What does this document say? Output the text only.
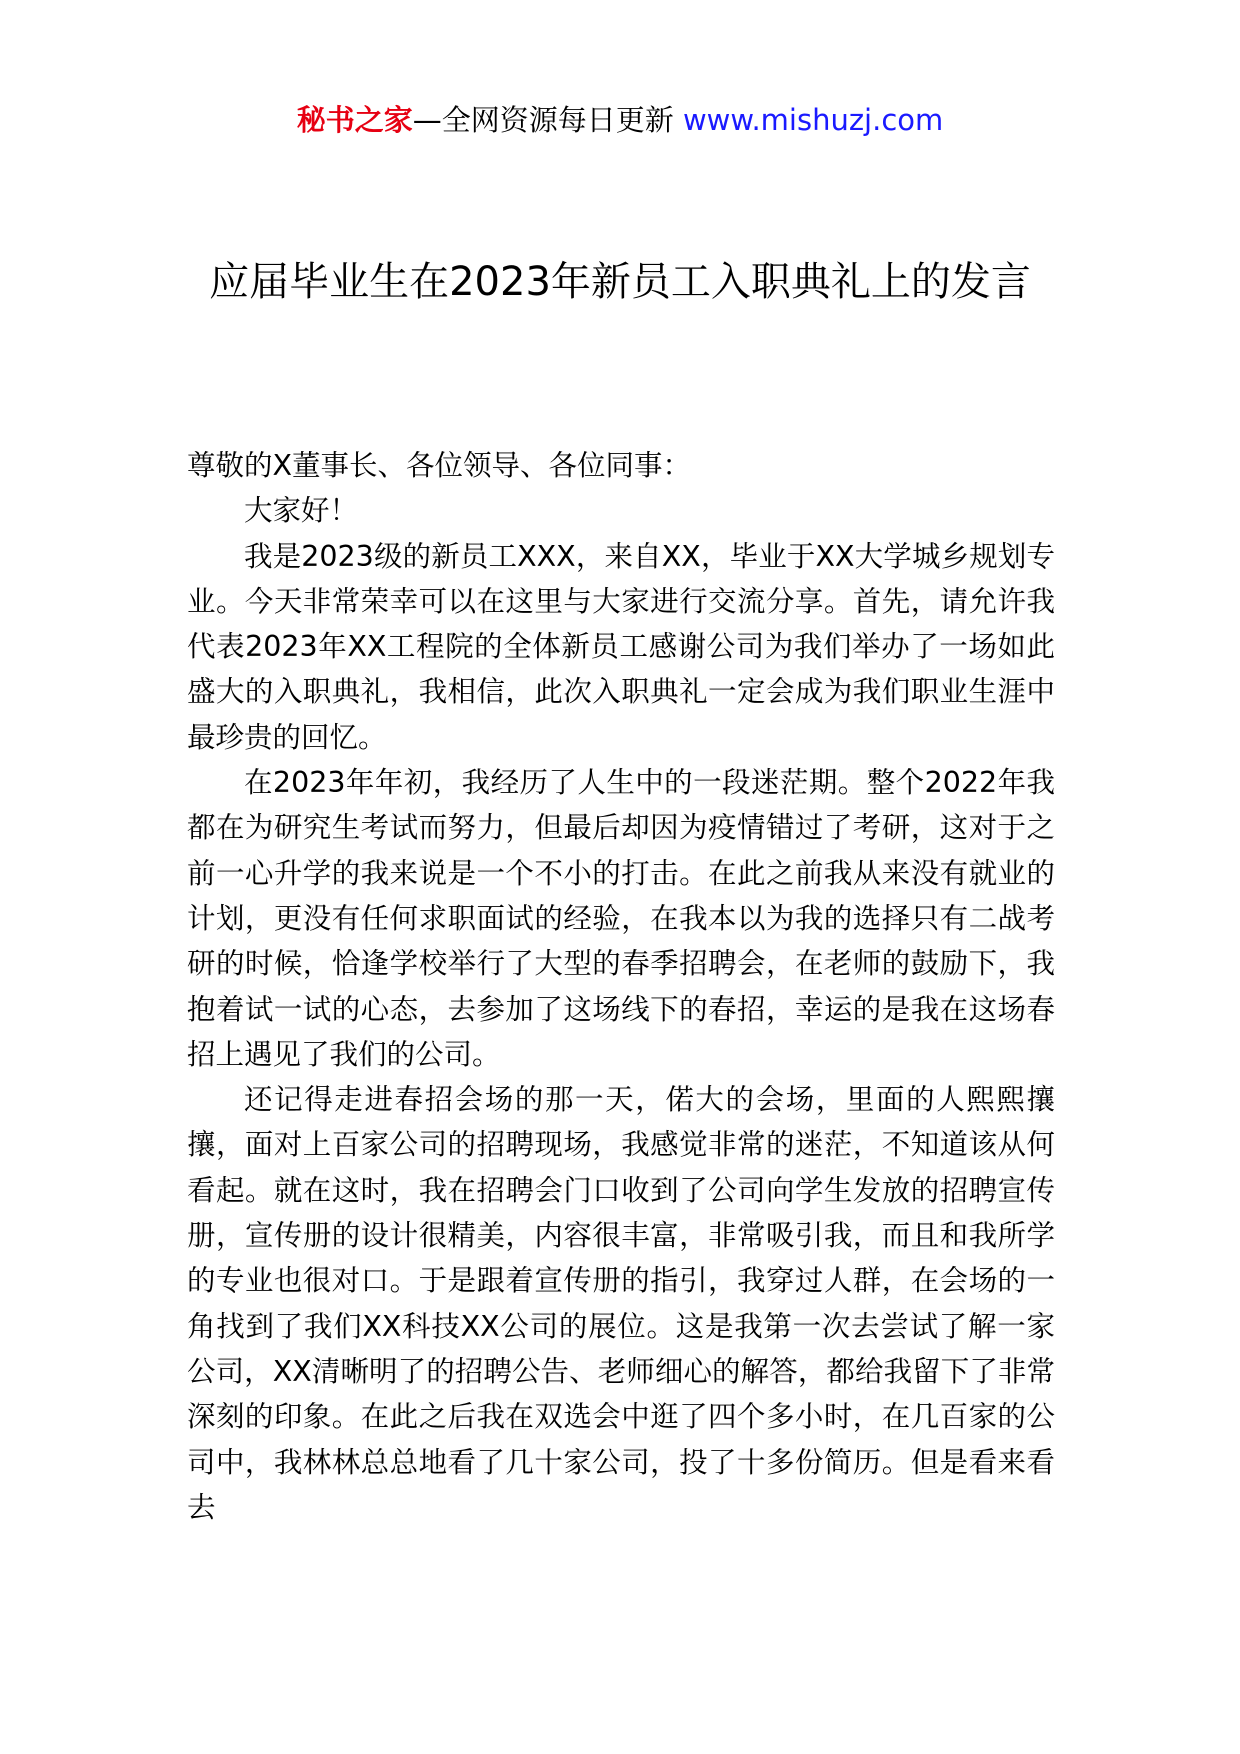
秘书之家—全网资源每日更新 www.mishuzj.com
应届毕业生在2023年新员工入职典礼上的发言

尊敬的X董事长、各位领导、各位同事：

大家好！

我是2023级的新员工XXX，来自XX，毕业于XX大学城乡规划专业。今天非常荣幸可以在这里与大家进行交流分享。首先，请允许我代表2023年XX工程院的全体新员工感谢公司为我们举办了一场如此盛大的入职典礼，我相信，此次入职典礼一定会成为我们职业生涯中最珍贵的回忆。

在2023年年初，我经历了人生中的一段迷茫期。整个2022年我都在为研究生考试而努力，但最后却因为疫情错过了考研，这对于之前一心升学的我来说是一个不小的打击。在此之前我从来没有就业的计划，更没有任何求职面试的经验，在我本以为我的选择只有二战考研的时候，恰逢学校举行了大型的春季招聘会，在老师的鼓励下，我抱着试一试的心态，去参加了这场线下的春招，幸运的是我在这场春招上遇见了我们的公司。

还记得走进春招会场的那一天，偌大的会场，里面的人熙熙攘攘，面对上百家公司的招聘现场，我感觉非常的迷茫，不知道该从何看起。就在这时，我在招聘会门口收到了公司向学生发放的招聘宣传册，宣传册的设计很精美，内容很丰富，非常吸引我，而且和我所学的专业也很对口。于是跟着宣传册的指引，我穿过人群，在会场的一角找到了我们XX科技XX公司的展位。这是我第一次去尝试了解一家公司，XX清晰明了的招聘公告、老师细心的解答，都给我留下了非常深刻的印象。在此之后我在双选会中逛了四个多小时，在几百家的公司中，我林林总总地看了几十家公司，投了十多份简历。但是看来看去
